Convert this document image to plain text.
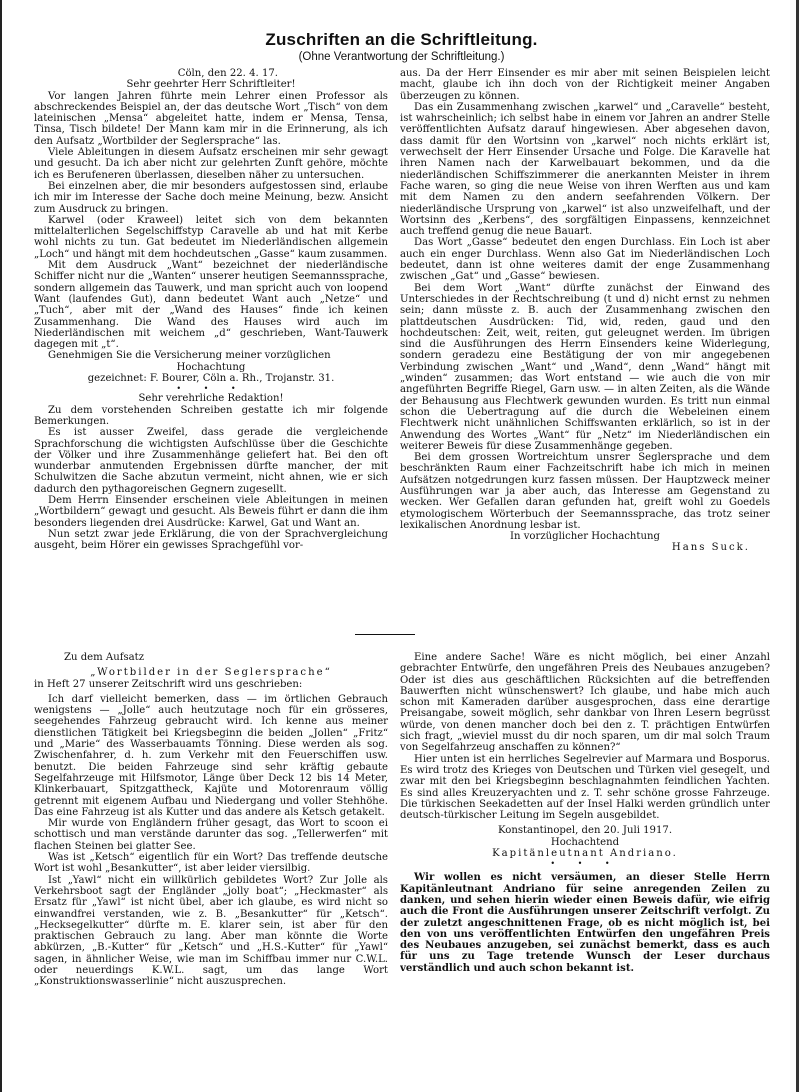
Zuschriften an die Schriftleitung.
(Ohne Verantwortung der Schriftleitung.)

Cöln, den 22. 4. 17.

Sehr geehrter Herr Schriftleiter!

Vor langen Jahren führte mein Lehrer einen Professor als abschreckendes Beispiel an, der das deutsche Wort „Tisch“ von dem lateinischen „Mensa“ abgeleitet hatte, indem er Mensa, Tensa, Tinsa, Tisch bildete! Der Mann kam mir in die Erinnerung, als ich den Aufsatz „Wortbilder der Seglersprache“ las.

Viele Ableitungen in diesem Aufsatz erscheinen mir sehr gewagt und gesucht. Da ich aber nicht zur gelehrten Zunft gehöre, möchte ich es Berufeneren überlassen, dieselben näher zu untersuchen.

Bei einzelnen aber, die mir besonders aufgestossen sind, erlaube ich mir im Interesse der Sache doch meine Meinung, bezw. Ansicht zum Ausdruck zu bringen.

Karwel (oder Kraweel) leitet sich von dem bekannten mittelalterlichen Segelschiffstyp Caravelle ab und hat mit Kerbe wohl nichts zu tun. Gat bedeutet im Niederländischen allgemein „Loch“ und hängt mit dem hochdeutschen „Gasse“ kaum zusammen.

Mit dem Ausdruck „Want“ bezeichnet der niederländische Schiffer nicht nur die „Wanten“ unserer heutigen Seemannssprache, sondern allgemein das Tauwerk, und man spricht auch von loopend Want (laufendes Gut), dann bedeutet Want auch „Netze“ und „Tuch“, aber mit der „Wand des Hauses“ finde ich keinen Zusammenhang. Die Wand des Hauses wird auch im Niederländischen mit weichem „d“ geschrieben, Want-Tauwerk dagegen mit „t“.

Genehmigen Sie die Versicherung meiner vorzüglichen

Hochachtung

gezeichnet: F. Bourer, Cöln a. Rh., Trojanstr. 31.

• • •

Sehr verehrliche Redaktion!

Zu dem vorstehenden Schreiben gestatte ich mir folgende Bemerkungen.

Es ist ausser Zweifel, dass gerade die vergleichende Sprachforschung die wichtigsten Aufschlüsse über die Geschichte der Völker und ihre Zusammenhänge geliefert hat. Bei den oft wunderbar anmutenden Ergebnissen dürfte mancher, der mit Schulwitzen die Sache abzutun vermeint, nicht ahnen, wie er sich dadurch den pythagoreischen Gegnern zugesellt.

Dem Herrn Einsender erscheinen viele Ableitungen in meinen „Wortbildern“ gewagt und gesucht. Als Beweis führt er dann die ihm besonders liegenden drei Ausdrücke: Karwel, Gat und Want an.

Nun setzt zwar jede Erklärung, die von der Sprachvergleichung ausgeht, beim Hörer ein gewisses Sprachgefühl vor-

aus. Da der Herr Einsender es mir aber mit seinen Beispielen leicht macht, glaube ich ihn doch von der Richtigkeit meiner Angaben überzeugen zu können.

Das ein Zusammenhang zwischen „karwel“ und „Caravelle“ besteht, ist wahrscheinlich; ich selbst habe in einem vor Jahren an andrer Stelle veröffentlichten Aufsatz darauf hingewiesen. Aber abgesehen davon, dass damit für den Wortsinn von „karwel“ noch nichts erklärt ist, verwechselt der Herr Einsender Ursache und Folge. Die Karavelle hat ihren Namen nach der Karwelbauart bekommen, und da die niederländischen Schiffszimmerer die anerkannten Meister in ihrem Fache waren, so ging die neue Weise von ihren Werften aus und kam mit dem Namen zu den andern seefahrenden Völkern. Der niederländische Ursprung von „karwel“ ist also unzweifelhaft, und der Wortsinn des „Kerbens“, des sorgfältigen Einpassens, kennzeichnet auch treffend genug die neue Bauart.

Das Wort „Gasse“ bedeutet den engen Durchlass. Ein Loch ist aber auch ein enger Durchlass. Wenn also Gat im Niederländischen Loch bedeutet, dann ist ohne weiteres damit der enge Zusammenhang zwischen „Gat“ und „Gasse“ bewiesen.

Bei dem Wort „Want“ dürfte zunächst der Einwand des Unterschiedes in der Rechtschreibung (t und d) nicht ernst zu nehmen sein; dann müsste z. B. auch der Zusammenhang zwischen den plattdeutschen Ausdrücken: Tid, wid, reden, gaud und den hochdeutschen: Zeit, weit, reiten, gut geleugnet werden. Im übrigen sind die Ausführungen des Herrn Einsenders keine Widerlegung, sondern geradezu eine Bestätigung der von mir angegebenen Verbindung zwischen „Want“ und „Wand“, denn „Wand“ hängt mit „winden“ zusammen; das Wort entstand — wie auch die von mir angeführten Begriffe Riegel, Garn usw. — in alten Zeiten, als die Wände der Behausung aus Flechtwerk gewunden wurden. Es tritt nun einmal schon die Uebertragung auf die durch die Webeleinen einem Flechtwerk nicht unähnlichen Schiffswanten erklärlich, so ist in der Anwendung des Wortes „Want“ für „Netz“ im Niederländischen ein weiterer Beweis für diese Zusammenhänge gegeben.

Bei dem grossen Wortreichtum unsrer Seglersprache und dem beschränkten Raum einer Fachzeitschrift habe ich mich in meinen Aufsätzen notgedrungen kurz fassen müssen. Der Hauptzweck meiner Ausführungen war ja aber auch, das Interesse am Gegenstand zu wecken. Wer Gefallen daran gefunden hat, greift wohl zu Goedels etymologischem Wörterbuch der Seemannssprache, das trotz seiner lexikalischen Anordnung lesbar ist.

In vorzüglicher Hochachtung

Hans Suck.

Zu dem Aufsatz

„Wortbilder in der Seglersprache“

in Heft 27 unserer Zeitschrift wird uns geschrieben:

Ich darf vielleicht bemerken, dass — im örtlichen Gebrauch wenigstens — „Jolle“ auch heutzutage noch für ein grösseres, seegehendes Fahrzeug gebraucht wird. Ich kenne aus meiner dienstlichen Tätigkeit bei Kriegsbeginn die beiden „Jollen“ „Fritz“ und „Marie“ des Wasserbauamts Tönning. Diese werden als sog. Zwischenfahrer, d. h. zum Verkehr mit den Feuerschiffen usw. benutzt. Die beiden Fahrzeuge sind sehr kräftig gebaute Segelfahrzeuge mit Hilfsmotor, Länge über Deck 12 bis 14 Meter, Klinkerbauart, Spitzgattheck, Kajüte und Motorenraum völlig getrennt mit eigenem Aufbau und Niedergang und voller Stehhöhe. Das eine Fahrzeug ist als Kutter und das andere als Ketsch getakelt.

Mir wurde von Engländern früher gesagt, das Wort to scoon ei schottisch und man verstände darunter das sog. „Tellerwerfen“ mit flachen Steinen bei glatter See.

Was ist „Ketsch“ eigentlich für ein Wort? Das treffende deutsche Wort ist wohl „Besankutter“, ist aber leider viersilbig.

Ist „Yawl“ nicht ein willkürlich gebildetes Wort? Zur Jolle als Verkehrsboot sagt der Engländer „jolly boat“; „Heckmaster“ als Ersatz für „Yawl“ ist nicht übel, aber ich glaube, es wird nicht so einwandfrei verstanden, wie z. B. „Besankutter“ für „Ketsch“. „Hecksegelkutter“ dürfte m. E. klarer sein, ist aber für den praktischen Gebrauch zu lang. Aber man könnte die Worte abkürzen, „B.-Kutter“ für „Ketsch“ und „H.S.-Kutter“ für „Yawl“ sagen, in ähnlicher Weise, wie man im Schiffbau immer nur C.W.L. oder neuerdings K.W.L. sagt, um das lange Wort „Konstruktionswasserlinie“ nicht auszusprechen.

Eine andere Sache! Wäre es nicht möglich, bei einer Anzahl gebrachter Entwürfe, den ungefähren Preis des Neubaues anzugeben? Oder ist dies aus geschäftlichen Rücksichten auf die betreffenden Bauwerften nicht wünschenswert? Ich glaube, und habe mich auch schon mit Kameraden darüber ausgesprochen, dass eine derartige Preisangabe, soweit möglich, sehr dankbar von Ihren Lesern begrüsst würde, von denen mancher doch bei den z. T. prächtigen Entwürfen sich fragt, „wieviel musst du dir noch sparen, um dir mal solch Traum von Segelfahrzeug anschaffen zu können?“

Hier unten ist ein herrliches Segelrevier auf Marmara und Bosporus. Es wird trotz des Krieges von Deutschen und Türken viel gesegelt, und zwar mit den bei Kriegsbeginn beschlagnahmten feindlichen Yachten. Es sind alles Kreuzeryachten und z. T. sehr schöne grosse Fahrzeuge. Die türkischen Seekadetten auf der Insel Halki werden gründlich unter deutsch-türkischer Leitung im Segeln ausgebildet.

Konstantinopel, den 20. Juli 1917.

Hochachtend

Kapitänleutnant Andriano.

• • •

Wir wollen es nicht versäumen, an dieser Stelle Herrn Kapitänleutnant Andriano für seine anregenden Zeilen zu danken, und sehen hierin wieder einen Beweis dafür, wie eifrig auch die Front die Ausführungen unserer Zeitschrift verfolgt. Zu der zuletzt angeschnittenen Frage, ob es nicht möglich ist, bei den von uns veröffentlichten Entwürfen den ungefähren Preis des Neubaues anzugeben, sei zunächst bemerkt, dass es auch für uns zu Tage tretende Wunsch der Leser durchaus verständlich und auch schon bekannt ist.
